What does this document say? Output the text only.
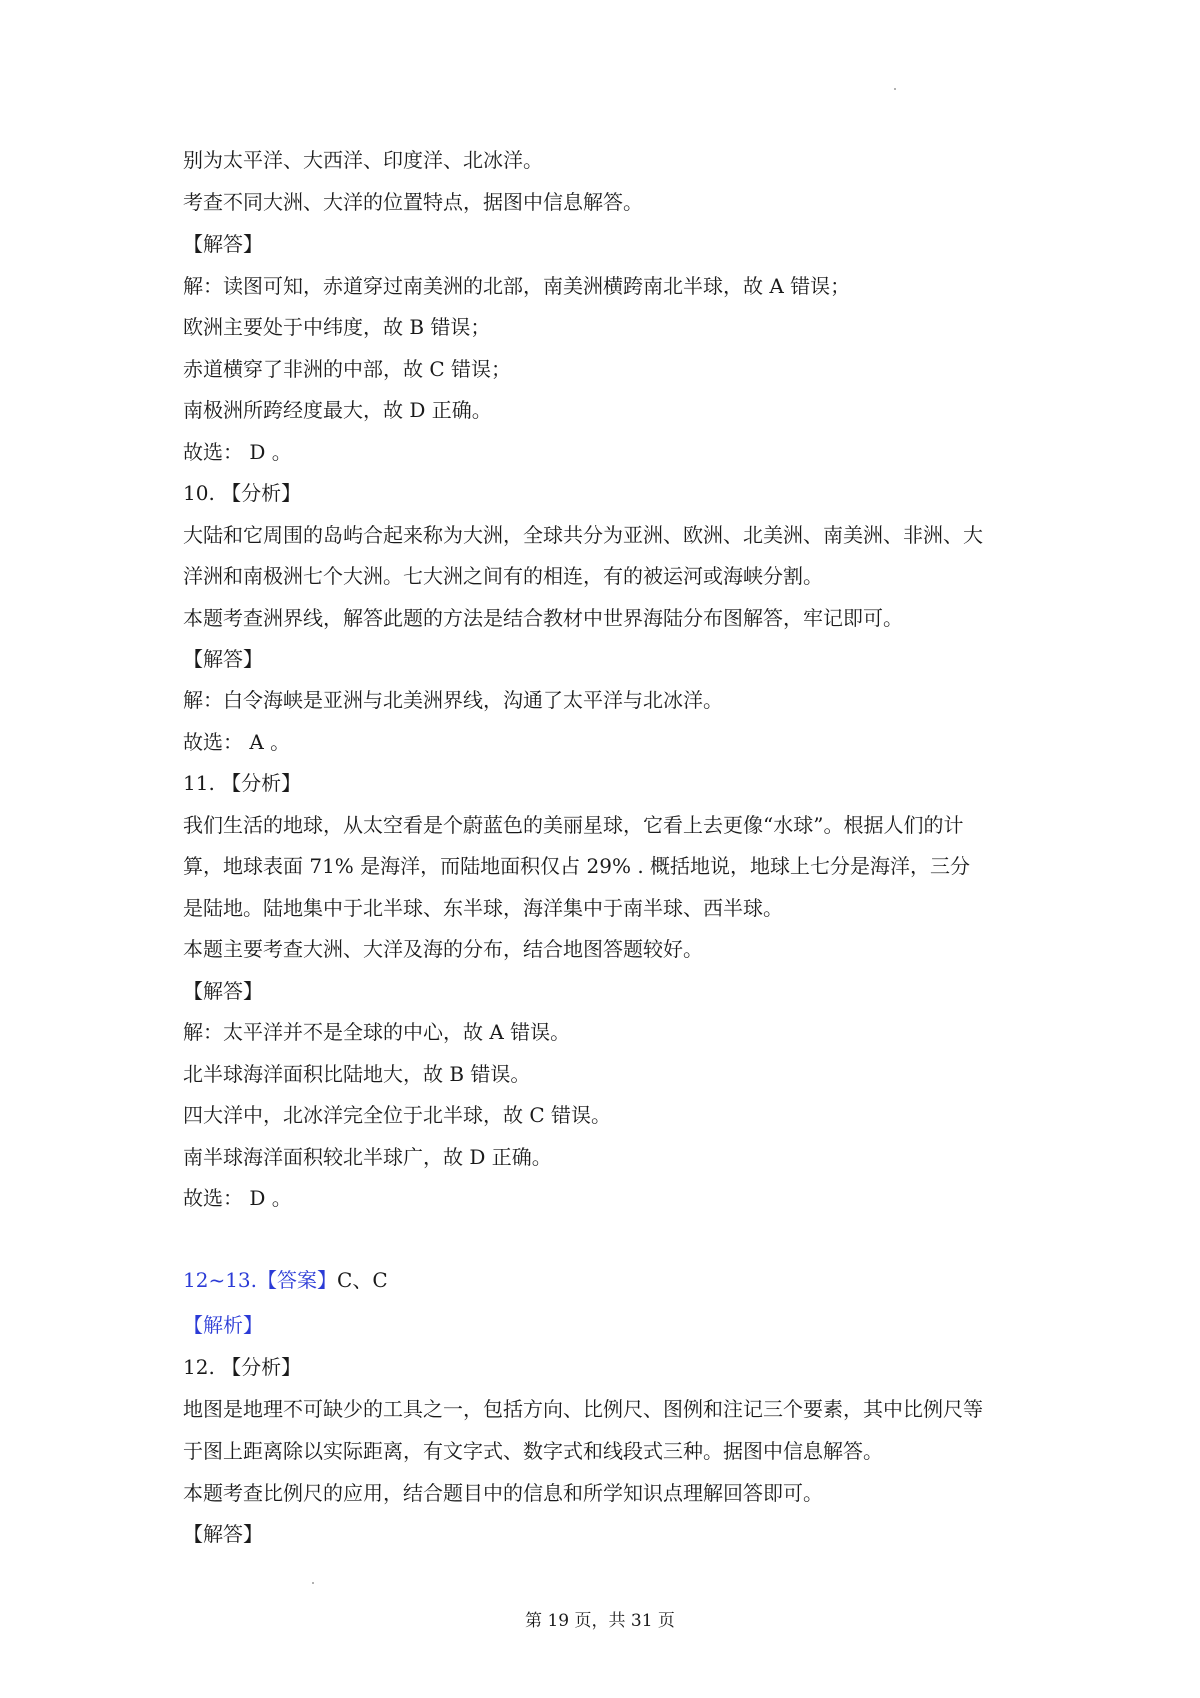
别为太平洋、大西洋、印度洋、北冰洋。
考查不同大洲、大洋的位置特点，据图中信息解答。
【解答】
解：读图可知，赤道穿过南美洲的北部，南美洲横跨南北半球，故 A 错误；
欧洲主要处于中纬度，故 B 错误；
赤道横穿了非洲的中部，故 C 错误；
南极洲所跨经度最大，故 D 正确。
故选： D 。
10. 【分析】
大陆和它周围的岛屿合起来称为大洲，全球共分为亚洲、欧洲、北美洲、南美洲、非洲、大
洋洲和南极洲七个大洲。七大洲之间有的相连，有的被运河或海峡分割。
本题考查洲界线，解答此题的方法是结合教材中世界海陆分布图解答，牢记即可。
【解答】
解：白令海峡是亚洲与北美洲界线，沟通了太平洋与北冰洋。
故选： A 。
11. 【分析】
我们生活的地球，从太空看是个蔚蓝色的美丽星球，它看上去更像“水球”。根据人们的计
算，地球表面 71% 是海洋，而陆地面积仅占 29% . 概括地说，地球上七分是海洋，三分
是陆地。陆地集中于北半球、东半球，海洋集中于南半球、西半球。
本题主要考查大洲、大洋及海的分布，结合地图答题较好。
【解答】
解：太平洋并不是全球的中心，故 A 错误。
北半球海洋面积比陆地大，故 B 错误。
四大洋中，北冰洋完全位于北半球，故 C 错误。
南半球海洋面积较北半球广，故 D 正确。
故选： D 。
12~13.【答案】C、C
【解析】
12. 【分析】
地图是地理不可缺少的工具之一，包括方向、比例尺、图例和注记三个要素，其中比例尺等
于图上距离除以实际距离，有文字式、数字式和线段式三种。据图中信息解答。
本题考查比例尺的应用，结合题目中的信息和所学知识点理解回答即可。
【解答】
第 19 页，共 31 页
